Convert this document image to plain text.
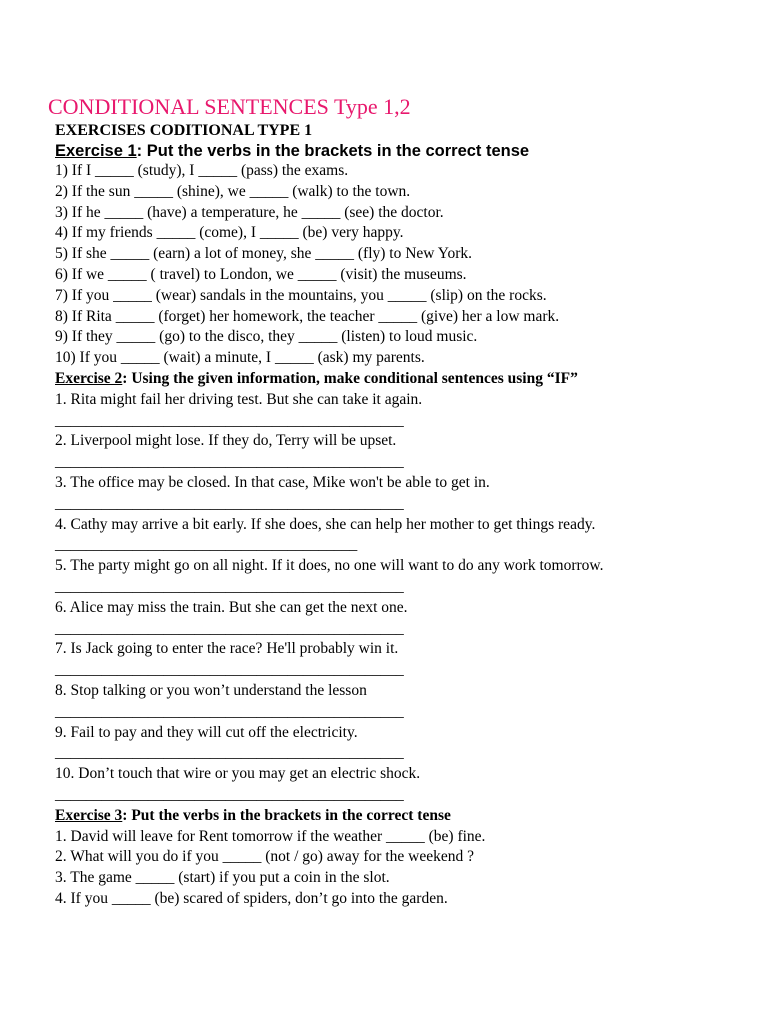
CONDITIONAL SENTENCES Type 1,2
EXERCISES CODITIONAL TYPE 1
Exercise 1: Put the verbs in the brackets in the correct tense
1) If I _____ (study), I _____ (pass) the exams.
2) If the sun _____ (shine), we _____ (walk) to the town.
3) If he _____ (have) a temperature, he _____ (see) the doctor.
4) If my friends _____ (come), I _____ (be) very happy.
5) If she _____ (earn) a lot of money, she _____ (fly) to New York.
6) If we _____ ( travel) to London, we _____ (visit) the museums.
7) If you _____ (wear) sandals in the mountains, you _____ (slip) on the rocks.
8) If Rita _____ (forget) her homework, the teacher _____ (give) her a low mark.
9) If they _____ (go) to the disco, they _____ (listen) to loud music.
10) If you _____ (wait) a minute, I _____ (ask) my parents.
Exercise 2: Using the given information, make conditional sentences using “IF”
1. Rita might fail her driving test. But she can take it again.
_____________________________________________
2. Liverpool might lose. If they do, Terry will be upset.
_____________________________________________
3. The office may be closed. In that case, Mike won't be able to get in.
_____________________________________________
4. Cathy may arrive a bit early. If she does, she can help her mother to get things ready.
_______________________________________
5. The party might go on all night. If it does, no one will want to do any work tomorrow.
_____________________________________________
6. Alice may miss the train. But she can get the next one.
_____________________________________________
7. Is Jack going to enter the race? He'll probably win it.
_____________________________________________
8. Stop talking or you won’t understand the lesson
_____________________________________________
9. Fail to pay and they will cut off the electricity.
_____________________________________________
10. Don’t touch that wire or you may get an electric shock.
_____________________________________________
Exercise 3: Put the verbs in the brackets in the correct tense
1. David will leave for Rent tomorrow if the weather _____ (be) fine.
2. What will you do if you _____ (not / go) away for the weekend ?
3. The game _____ (start) if you put a coin in the slot.
4. If you _____ (be) scared of spiders, don’t go into the garden.
